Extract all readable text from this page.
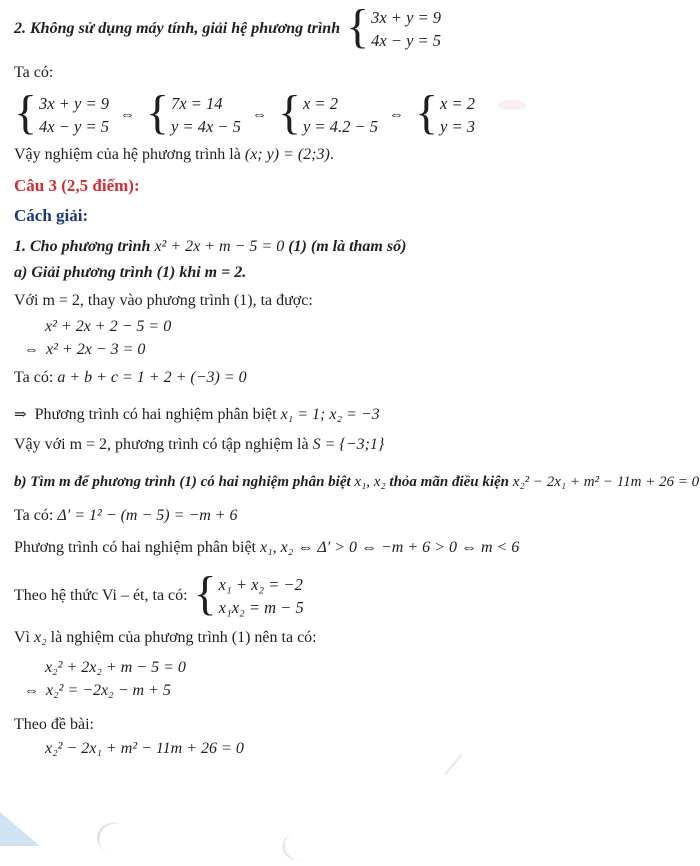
2. Không sử dụng máy tính, giải hệ phương trình { 3x + y = 9
4x − y = 5
Ta có:
{ 3x + y = 9
4x − y = 5
⇔ { 7x = 14
y = 4x − 5
⇔ { x = 2
y = 4.2 − 5
⇔ { x = 2
y = 3
Vậy nghiệm của hệ phương trình là (x; y) = (2;3).
Câu 3 (2,5 điểm):
Cách giải:
1. Cho phương trình x² + 2x + m − 5 = 0 (1) (m là tham số)
a) Giải phương trình (1) khi m = 2.
Với m = 2, thay vào phương trình (1), ta được:
x² + 2x + 2 − 5 = 0
⇔ x² + 2x − 3 = 0
Ta có: a + b + c = 1 + 2 + (−3) = 0
⇒ Phương trình có hai nghiệm phân biệt x₁ = 1; x₂ = −3
Vậy với m = 2, phương trình có tập nghiệm là S = {−3;1}
b) Tìm m để phương trình (1) có hai nghiệm phân biệt x₁, x₂ thỏa mãn điều kiện x₂² − 2x₁ + m² − 11m + 26 = 0
Ta có: Δ′ = 1² − (m − 5) = −m + 6
Phương trình có hai nghiệm phân biệt x₁, x₂ ⇔ Δ′ > 0 ⇔ −m + 6 > 0 ⇔ m < 6
Theo hệ thức Vi – ét, ta có: { x₁ + x₂ = −2
x₁x₂ = m − 5
Vì x₂ là nghiệm của phương trình (1) nên ta có:
x₂² + 2x₂ + m − 5 = 0
⇔ x₂² = −2x₂ − m + 5
Theo đề bài:
x₂² − 2x₁ + m² − 11m + 26 = 0
